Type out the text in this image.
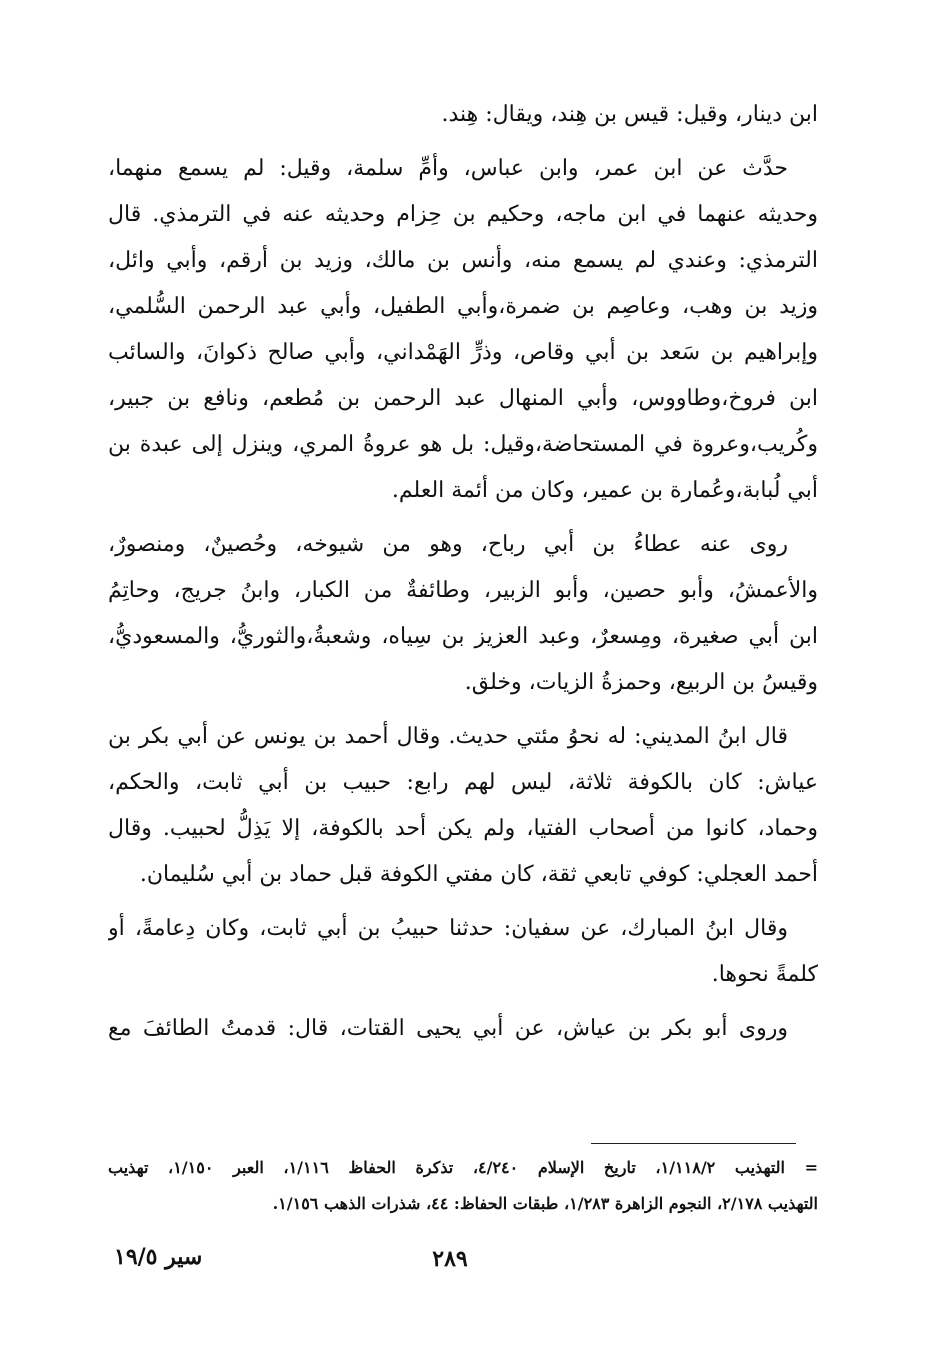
ابن دينار، وقيل: قيس بن هِند، ويقال: هِند.
حدَّث عن ابن عمر، وابن عباس، وأمِّ سلمة، وقيل: لم يسمع منهما،
وحديثه عنهما في ابن ماجه، وحكيم بن حِزام وحديثه عنه في الترمذي. قال
الترمذي: وعندي لم يسمع منه، وأنس بن مالك، وزيد بن أرقم، وأبي وائل،
وزيد بن وهب، وعاصِم بن ضمرة،وأبي الطفيل، وأبي عبد الرحمن السُّلمي،
وإبراهيم بن سَعد بن أبي وقاص، وذرٍّ الهَمْداني، وأبي صالح ذكوانَ، والسائب
ابن فروخ،وطاووس، وأبي المنهال عبد الرحمن بن مُطعم، ونافع بن جبير،
وكُريب،وعروة في المستحاضة،وقيل: بل هو عروةُ المري، وينزل إلى عبدة بن
أبي لُبابة،وعُمارة بن عمير، وكان من أئمة العلم.
روى عنه عطاءُ بن أبي رباح، وهو من شيوخه، وحُصينٌ، ومنصورٌ،
والأعمشُ، وأبو حصين، وأبو الزبير، وطائفةٌ من الكبار، وابنُ جريج، وحاتِمُ
ابن أبي صغيرة، ومِسعرٌ، وعبد العزيز بن سِياه، وشعبةُ،والثوريُّ، والمسعوديُّ،
وقيسُ بن الربيع، وحمزةُ الزيات، وخلق.
قال ابنُ المديني: له نحوُ مئتي حديث. وقال أحمد بن يونس عن أبي بكر بن
عياش: كان بالكوفة ثلاثة، ليس لهم رابع: حبيب بن أبي ثابت، والحكم،
وحماد، كانوا من أصحاب الفتيا، ولم يكن أحد بالكوفة، إلا يَذِلُّ لحبيب. وقال
أحمد العجلي: كوفي تابعي ثقة، كان مفتي الكوفة قبل حماد بن أبي سُليمان.
وقال ابنُ المبارك، عن سفيان: حدثنا حبيبُ بن أبي ثابت، وكان دِعامةً، أو
كلمةً نحوها.
وروى أبو بكر بن عياش، عن أبي يحيى القتات، قال: قدمتُ الطائفَ مع
= التهذيب ١/١١٨/٢، تاريخ الإسلام ٤/٢٤٠، تذكرة الحفاظ ١/١١٦، العبر ١/١٥٠، تهذيب
التهذيب ٢/١٧٨، النجوم الزاهرة ١/٢٨٣، طبقات الحفاظ: ٤٤، شذرات الذهب ١/١٥٦.
٢٨٩
سير ١٩/٥
